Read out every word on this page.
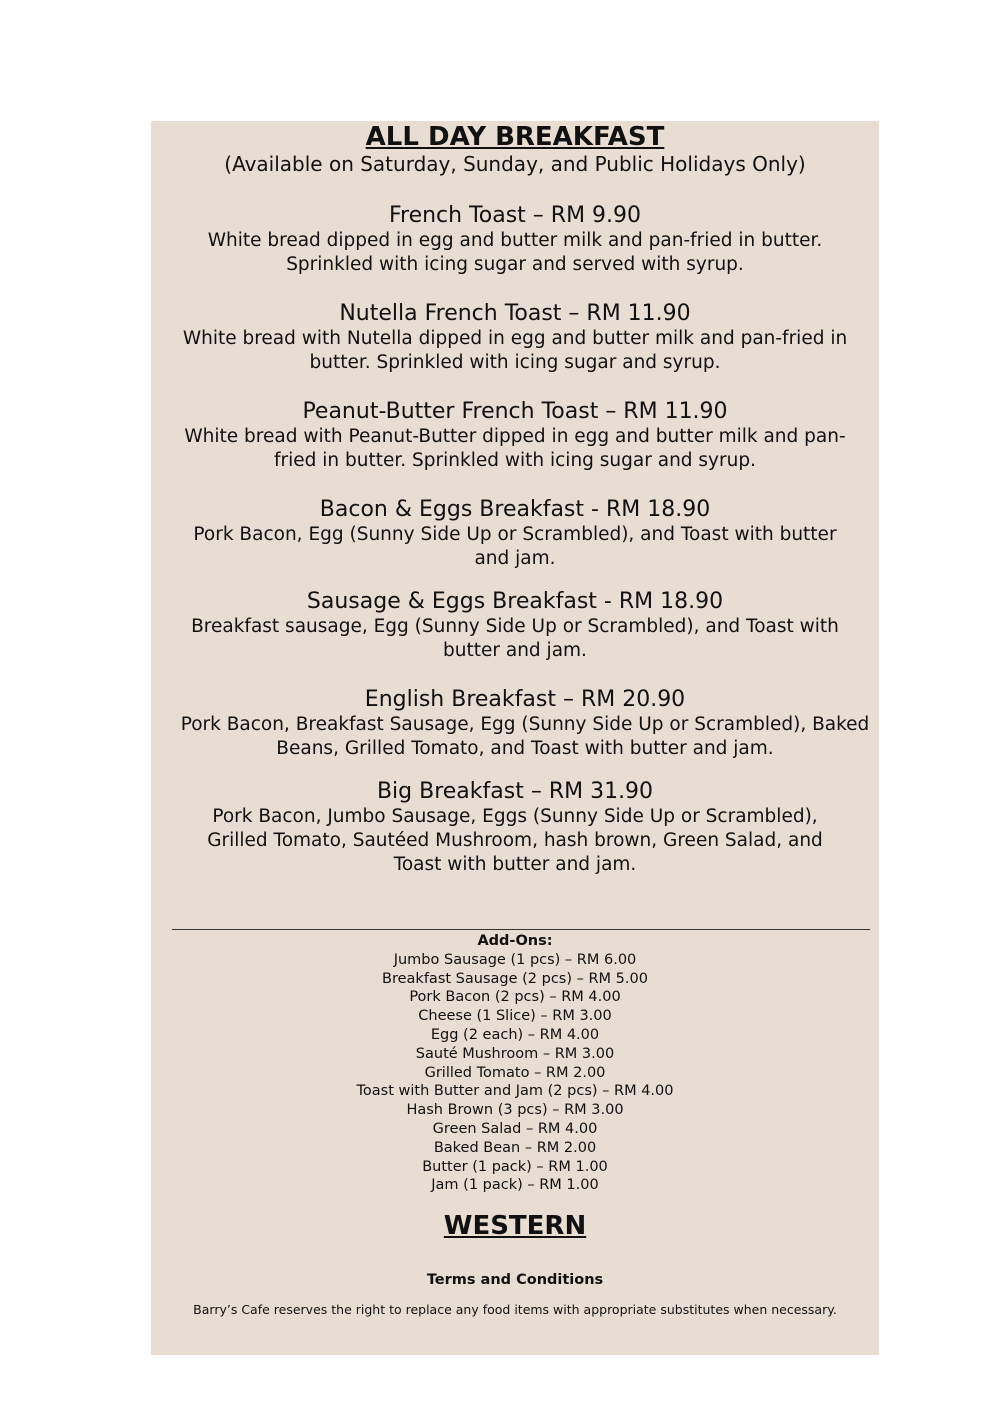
ALL DAY BREAKFAST
(Available on Saturday, Sunday, and Public Holidays Only)
French Toast – RM 9.90
White bread dipped in egg and butter milk and pan-fried in butter. Sprinkled with icing sugar and served with syrup.
Nutella French Toast – RM 11.90
White bread with Nutella dipped in egg and butter milk and pan-fried in butter. Sprinkled with icing sugar and syrup.
Peanut-Butter French Toast – RM 11.90
White bread with Peanut-Butter dipped in egg and butter milk and pan-fried in butter. Sprinkled with icing sugar and syrup.
Bacon & Eggs Breakfast - RM 18.90
Pork Bacon, Egg (Sunny Side Up or Scrambled), and Toast with butter and jam.
Sausage & Eggs Breakfast - RM 18.90
Breakfast sausage, Egg (Sunny Side Up or Scrambled), and Toast with butter and jam.
English Breakfast – RM 20.90
Pork Bacon, Breakfast Sausage, Egg (Sunny Side Up or Scrambled), Baked Beans, Grilled Tomato, and Toast with butter and jam.
Big Breakfast – RM 31.90
Pork Bacon, Jumbo Sausage, Eggs (Sunny Side Up or Scrambled), Grilled Tomato, Sautéed Mushroom, hash brown, Green Salad, and Toast with butter and jam.
Add-Ons:
Jumbo Sausage (1 pcs) – RM 6.00
Breakfast Sausage (2 pcs) – RM 5.00
Pork Bacon (2 pcs) – RM 4.00
Cheese (1 Slice) – RM 3.00
Egg (2 each) – RM 4.00
Sauté Mushroom – RM 3.00
Grilled Tomato – RM 2.00
Toast with Butter and Jam (2 pcs) – RM 4.00
Hash Brown (3 pcs) – RM 3.00
Green Salad – RM 4.00
Baked Bean – RM 2.00
Butter (1 pack) – RM 1.00
Jam (1 pack) – RM 1.00
WESTERN
Terms and Conditions
Barry’s Cafe reserves the right to replace any food items with appropriate substitutes when necessary.
